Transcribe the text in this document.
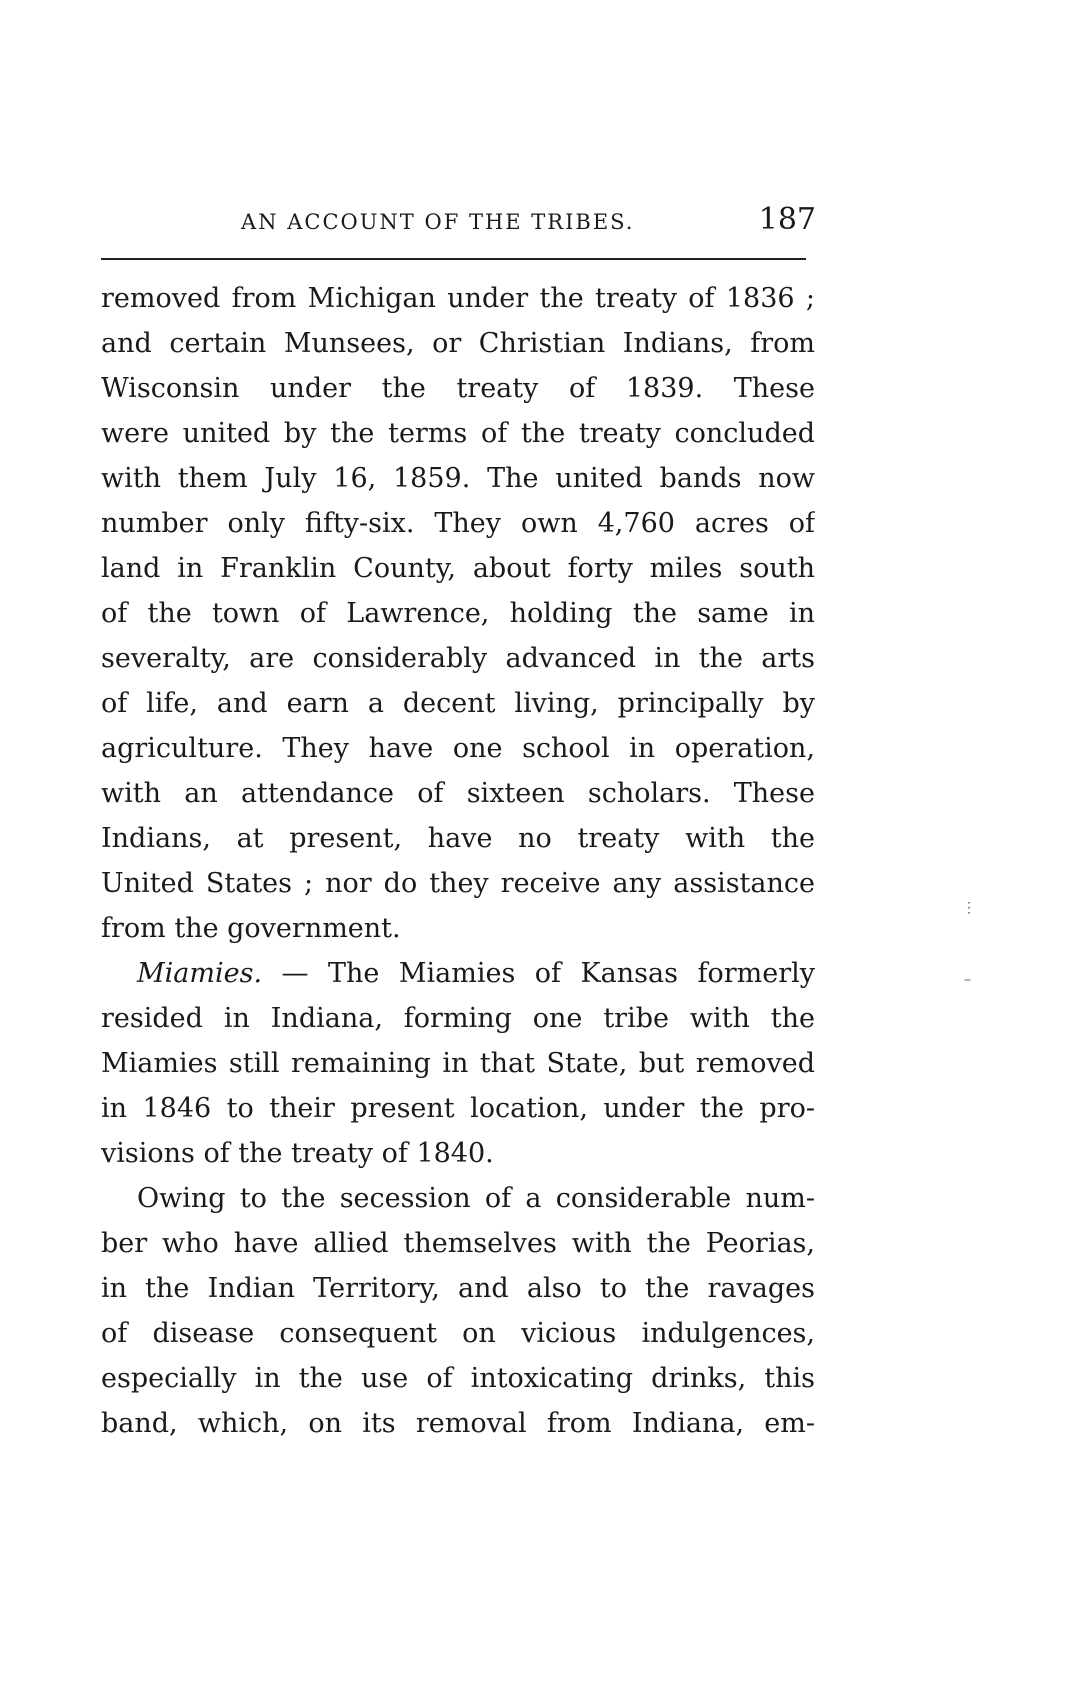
AN ACCOUNT OF THE TRIBES.	187
removed from Michigan under the treaty of 1836 ;
and certain Munsees, or Christian Indians, from
Wisconsin under the treaty of 1839. These
were united by the terms of the treaty concluded
with them July 16, 1859. The united bands now
number only fifty-six. They own 4,760 acres of
land in Franklin County, about forty miles south
of the town of Lawrence, holding the same in
severalty, are considerably advanced in the arts
of life, and earn a decent living, principally by
agriculture. They have one school in operation,
with an attendance of sixteen scholars. These
Indians, at present, have no treaty with the
United States ; nor do they receive any assistance
from the government.
Miamies. — The Miamies of Kansas formerly
resided in Indiana, forming one tribe with the
Miamies still remaining in that State, but removed
in 1846 to their present location, under the pro-
visions of the treaty of 1840.
Owing to the secession of a considerable num-
ber who have allied themselves with the Peorias,
in the Indian Territory, and also to the ravages
of disease consequent on vicious indulgences,
especially in the use of intoxicating drinks, this
band, which, on its removal from Indiana, em-
⋮
–
